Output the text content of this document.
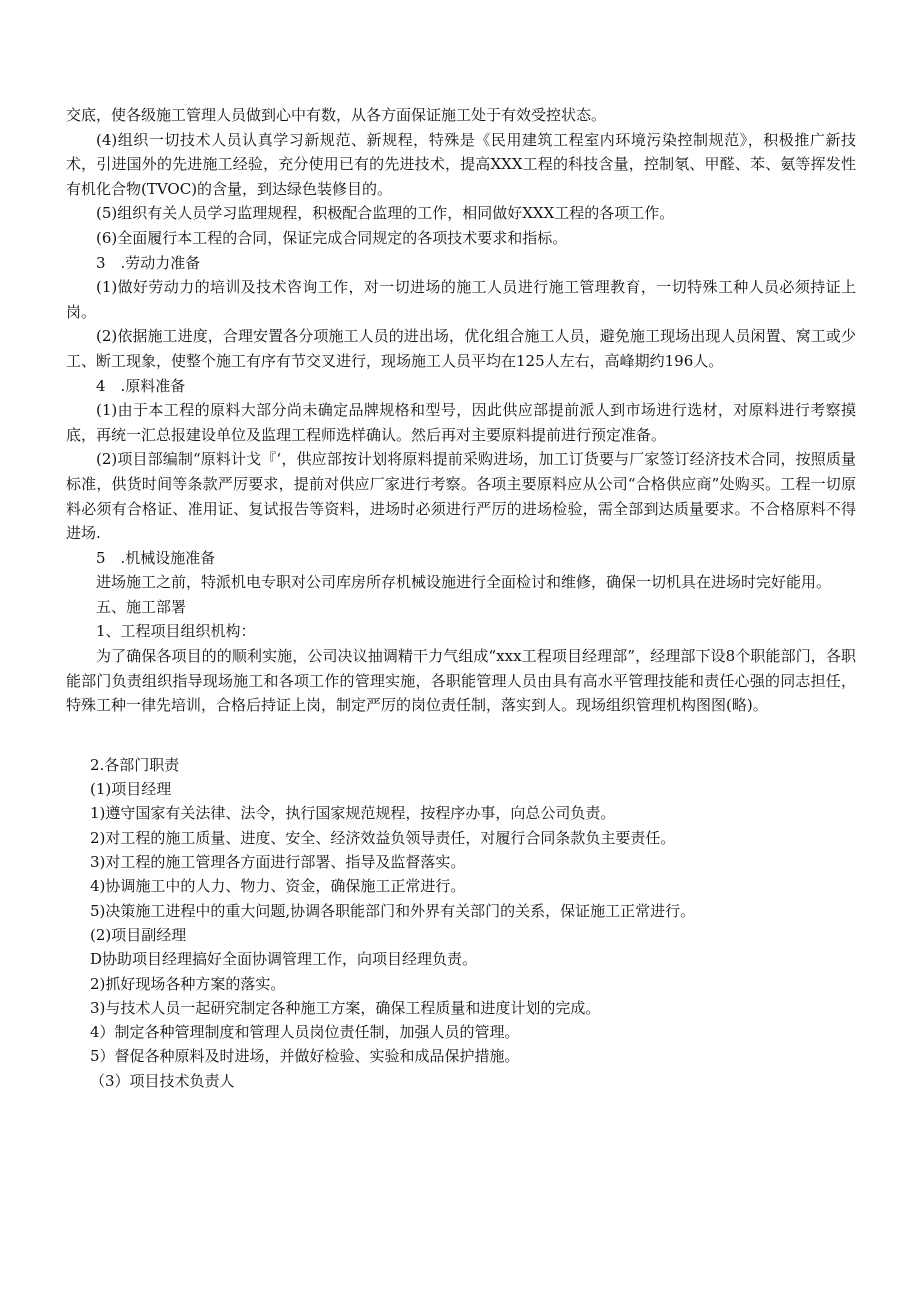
交底，使各级施工管理人员做到心中有数，从各方面保证施工处于有效受控状态。

(4)组织一切技术人员认真学习新规范、新规程，特殊是《民用建筑工程室内环境污染控制规范》，积极推广新技术，引进国外的先进施工经验，充分使用已有的先进技术，提高XXX工程的科技含量，控制氡、甲醛、苯、氨等挥发性有机化合物(TVOC)的含量，到达绿色装修目的。

(5)组织有关人员学习监理规程，积极配合监理的工作，相同做好XXX工程的各项工作。

(6)全面履行本工程的合同，保证完成合同规定的各项技术要求和指标。

3　.劳动力准备

(1)做好劳动力的培训及技术咨询工作，对一切进场的施工人员进行施工管理教育，一切特殊工种人员必须持证上岗。

(2)依据施工进度，合理安置各分项施工人员的进出场，优化组合施工人员，避免施工现场出现人员闲置、窝工或少工、断工现象，使整个施工有序有节交叉进行，现场施工人员平均在125人左右，高峰期约196人。

4　.原料准备

(1)由于本工程的原料大部分尚未确定品牌规格和型号，因此供应部提前派人到市场进行选材，对原料进行考察摸底，再统一汇总报建设单位及监理工程师选样确认。然后再对主要原料提前进行预定准备。

(2)项目部编制“原料计戈『‘，供应部按计划将原料提前采购进场，加工订货要与厂家签订经济技术合同，按照质量标准，供货时间等条款严厉要求，提前对供应厂家进行考察。各项主要原料应从公司“合格供应商”处购买。工程一切原料必须有合格证、准用证、复试报告等资料，进场时必须进行严厉的进场检验，需全部到达质量要求。不合格原料不得进场.

5　.机械设施准备

进场施工之前，特派机电专职对公司库房所存机械设施进行全面检讨和维修，确保一切机具在进场时完好能用。

五、施工部署

1、工程项目组织机构：

为了确保各项目的的顺利实施，公司决议抽调精干力气组成“xxx工程项目经理部”，经理部下设8个职能部门，各职能部门负责组织指导现场施工和各项工作的管理实施，各职能管理人员由具有高水平管理技能和责任心强的同志担任，特殊工种一律先培训，合格后持证上岗，制定严厉的岗位责任制，落实到人。现场组织管理机构图图(略)。

2.各部门职责

(1)项目经理

1)遵守国家有关法律、法令，执行国家规范规程，按程序办事，向总公司负责。

2)对工程的施工质量、进度、安全、经济效益负领导责任，对履行合同条款负主要责任。

3)对工程的施工管理各方面进行部署、指导及监督落实。

4)协调施工中的人力、物力、资金，确保施工正常进行。

5)决策施工进程中的重大问题,协调各职能部门和外界有关部门的关系，保证施工正常进行。

(2)项目副经理

D协助项目经理搞好全面协调管理工作，向项目经理负责。

2)抓好现场各种方案的落实。

3)与技术人员一起研究制定各种施工方案，确保工程质量和进度计划的完成。

4）制定各种管理制度和管理人员岗位责任制，加强人员的管理。

5）督促各种原料及时进场，并做好检验、实验和成品保护措施。

（3）项目技术负责人
